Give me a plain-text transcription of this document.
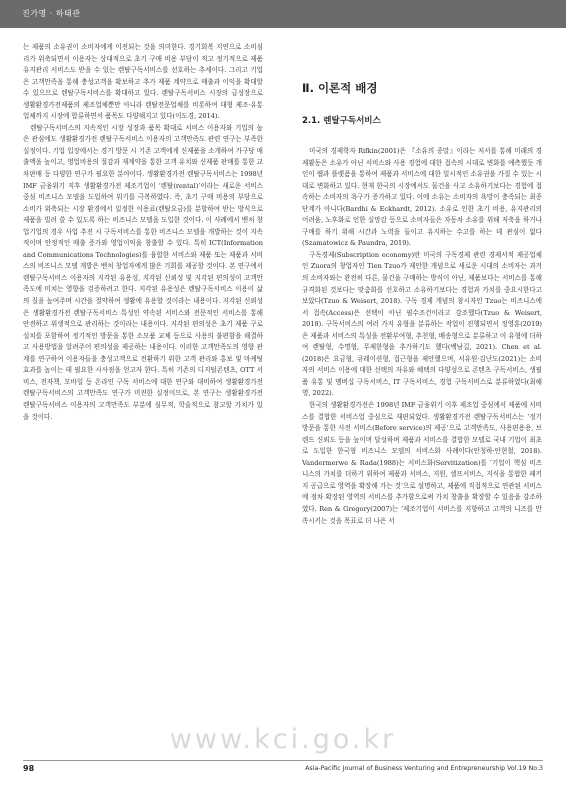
진가명 · 하태관

는 제품의 소유권이 소비자에게 이전되는 것을 의미한다. 경기회복 지연으로 소비심리가 위축되면서 이용자는 상대적으로 초기 구매 비용 부담이 적고 정기적으로 제품 유지관리 서비스도 받을 수 있는 렌탈구독서비스를 선호하는 추세이다. 그리고 기업은 고객만족을 통해 충성고객을 확보하고 추가 제품 계약으로 매출과 이익을 확대할 수 있으므로 렌탈구독서비스를 확대하고 있다. 렌탈구독서비스 시장의 급성장으로 생활환경가전제품의 제조업체뿐만 아니라 렌탈전문업체를 비롯하여 대형 제조·유통 업체까지 시장에 합류하면서 품목도 다양해지고 있다(이도경, 2014).

렌탈구독서비스의 지속적인 시장 성장과 품목 확대로 서비스 이용자와 기업의 높은 관심에도 생활환경가전 렌탈구독서비스 이용자의 고객만족도 관련 연구는 부족한 실정이다. 기업 입장에서는 경기 방문 시 기존 고객에게 신제품을 소개하여 가구당 매출액을 높이고, 영업비용의 절감과 재계약을 통한 고객 유치와 신제품 판매를 통한 교차판매 등 다양한 연구가 필요한 분야이다. 생활환경가전 렌탈구독서비스는 1998년 IMF 금융위기 직후 생활환경가전 제조기업이 ‘렌탈(rental)’이라는 새로운 서비스 중심 비즈니스 모델을 도입하여 위기를 극복하였다. 즉, 초기 구매 비용의 부담으로 소비가 위축되는 시장 환경에서 일정한 이용료(렌탈요금)를 분할하여 받는 방식으로 제품을 빌려 쓸 수 있도록 하는 비즈니스 모델을 도입한 것이다. 이 사례에서 벤처 창업기업의 경우 사업 추진 시 구독서비스를 통한 비즈니스 모델을 개발하는 것이 지속적이며 안정적인 매출 증가와 영업이익을 창출할 수 있다. 특히 ICT(Information and Communications Technologies)를 융합한 서비스와 제품 또는 제품과 서비스의 비즈니스 모델 개발은 벤처 창업자에게 많은 기회를 제공할 것이다. 본 연구에서 렌탈구독서비스 이용자의 지각된 유용성, 지각된 신뢰성 및 지각된 편의성이 고객만족도에 미치는 영향을 검증하려고 한다. 지각된 유용성은 렌탈구독서비스 이용이 삶의 질을 높여주며 시간을 절약하여 생활에 유용할 것이라는 내용이다. 지각된 신뢰성은 생활환경가전 렌탈구독서비스 특성인 약속된 서비스와 전문적인 서비스를 통해 안전하고 위생적으로 관리하는 것이라는 내용이다. 지각된 편의성은 초기 제품 구로 설치를 포함하여 정기적인 방문을 통한 소모품 교체 등으로 사용의 불편함을 해결하고 사용방법을 알려주어 편의성을 제공하는 내용이다. 이러한 고객만족도의 영향 관계를 연구하여 이용자들을 충성고객으로 전환하기 위한 고객 관리와 홍보 및 마케팅 효과를 높이는 데 필요한 시사점을 얻고자 한다. 특히 기존의 디지털콘텐츠, OTT 서비스, 전자책, 모바일 등 온라인 구독 서비스에 대한 연구와 대비하여 생활환경가전 렌탈구독서비스의 고객만족도 연구가 미진한 실정이므로, 본 연구는 생활환경가전 렌탈구독서비스 이용자의 고객만족도 부분에 심무적, 학술적으로 참고할 가치가 있을 것이다.

Ⅱ. 이론적 배경
2.1. 렌탈구독서비스

미국의 경제학자 Rifkin(2001)은 『소유의 종말』이라는 저서를 통해 미래의 경제활동은 소유가 아닌 서비스와 사용 경험에 대한 접속의 시대로 변화를 예측했듯 개인이 웹과 플랫폼을 통하여 제품과 서비스에 대한 일시적인 소유권을 가질 수 있는 시대로 변화하고 있다. 현재 한국의 시장에서도 물건을 사고 소유하기보다는 경험에 접속하는 소비자의 욕구가 증가하고 있다. 이에 소유는 소비자의 욕망이 충족되는 최종 단계가 아니다(Bardhi & Eckhardt, 2012). 소유로 인한 초기 비용, 유지관리의 어려움, 노후화로 인한 실망감 등으로 소비자들은 자동차 소유를 위해 저축을 하거나 구매를 하기 위해 시간과 노력을 들이고 유지하는 수고를 하는 데 관심이 없다(Szamatowicz & Paundra, 2019).

구독경제(Subscription economy)란 미국의 구독경제 관련 경제서적 제공업체인 Zuora의 창업자인 Tien Tzuo가 제안한 개념으로 새로운 시대의 소비자는 과거의 소비자와는 완전히 다른, 물건을 구매하는 방식이 아닌, 제품보다는 서비스를 통해 규격화된 것보다는 맞춤화를 선호하고 소유하기보다는 경험과 가치를 중요시한다고 보았다(Tzuo & Weisert, 2018). 구독 경제 개념의 창시자인 Tzuo는 비즈니스에서 접속(Access)은 선택이 아닌 필수조건이라고 강조했다(Tzuo & Weisert, 2018). 구독서비스의 여러 가지 유형을 분류하는 작업이 진행되면서 정영훈(2019)은 제품과 서비스의 특성을 전환부여형, 추천형, 배송형으로 분류하고 이 유형에 더하여 렌탈형, 수명형, 무제한형을 추가하기도 했다(백남길, 2021). Chen et al.(2018)은 요금형, 큐레이션형, 접근형을 제안했으며, 서유원·김난도(2021)는 소비자의 서비스 이용에 대한 선택의 자유와 혜택의 다양성으로 콘텐츠 구독서비스, 생필품 유통 및 멤버십 구독서비스, IT 구독서비스, 경험 구독서비스로 분류하였다(최혜영, 2022).

한국의 생활환경가전은 1998년 IMF 금융위기 이후 제조업 중심에서 제품에 서비스를 결합한 서비스업 중심으로 재편되었다. 생활환경가전 렌탈구독서비스는 ‘정기 방문을 통한 사전 서비스(Before service)의 제공’으로 고객만족도, 사용편용용, 브랜드 신뢰도 등을 높이며 달성하며 제품과 서비스를 결합한 모델로 국내 기업이 최초로 도입한 한국형 비즈니스 모델의 서비스화 사례이다(안청하·안현철, 2018). Vandermerwe & Rada(1988)는 서비스화(Servitization)를 ‘기업이 핵심 비즈니스의 가치를 더하기 위하여 제품과 서비스, 지원, 셀프서비스, 지식을 통합한 패키지 공급으로 영역을 확장해 가는 것’으로 설명하고, 제품에 직접적으로 연관된 서비스에 점차 확장된 영역의 서비스를 추가함으로써 가치 창출을 확장할 수 있음을 강조하였다. Ren & Gregory(2007)는 ‘제조기업이 서비스를 지향하고 고객의 니즈를 만족시키는 것을 목표로 더 나은 서

www.kci.go.kr
98	Asia-Pacific Journal of Business Venturing and Entrepreneurship Vol.19 No.3
